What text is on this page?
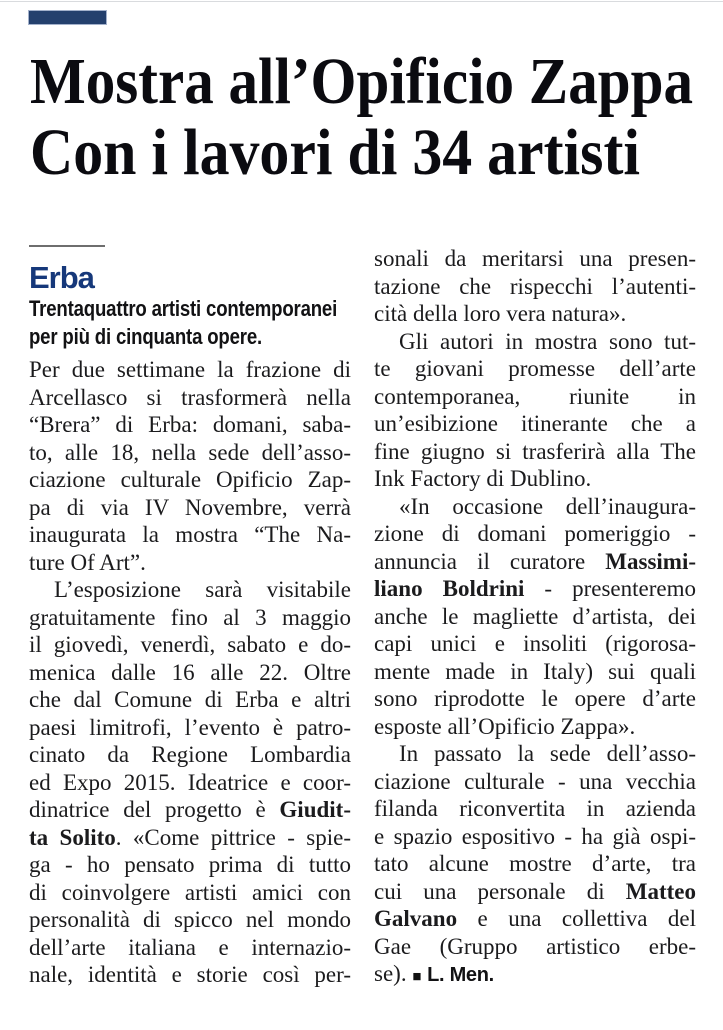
Mostra all’Opificio Zappa
Con i lavori di 34 artisti
Erba
Trentaquattro artisti contemporanei
per più di cinquanta opere.
Per due settimane la frazione di
Arcellasco si trasformerà nella
“Brera” di Erba: domani, saba-
to, alle 18, nella sede dell’asso-
ciazione culturale Opificio Zap-
pa di via IV Novembre, verrà
inaugurata la mostra “The Na-
ture Of Art”.
L’esposizione sarà visitabile
gratuitamente fino al 3 maggio
il giovedì, venerdì, sabato e do-
menica dalle 16 alle 22. Oltre
che dal Comune di Erba e altri
paesi limitrofi, l’evento è patro-
cinato da Regione Lombardia
ed Expo 2015. Ideatrice e coor-
dinatrice del progetto è Giudit-
ta Solito. «Come pittrice - spie-
ga - ho pensato prima di tutto
di coinvolgere artisti amici con
personalità di spicco nel mondo
dell’arte italiana e internazio-
nale, identità e storie così per-
sonali da meritarsi una presen-
tazione che rispecchi l’autenti-
cità della loro vera natura».
Gli autori in mostra sono tut-
te giovani promesse dell’arte
contemporanea, riunite in
un’esibizione itinerante che a
fine giugno si trasferirà alla The
Ink Factory di Dublino.
«In occasione dell’inaugura-
zione di domani pomeriggio -
annuncia il curatore Massimi-
liano Boldrini - presenteremo
anche le magliette d’artista, dei
capi unici e insoliti (rigorosa-
mente made in Italy) sui quali
sono riprodotte le opere d’arte
esposte all’Opificio Zappa».
In passato la sede dell’asso-
ciazione culturale - una vecchia
filanda riconvertita in azienda
e spazio espositivo - ha già ospi-
tato alcune mostre d’arte, tra
cui una personale di Matteo
Galvano e una collettiva del
Gae (Gruppo artistico erbe-
se). ■ L. Men.
